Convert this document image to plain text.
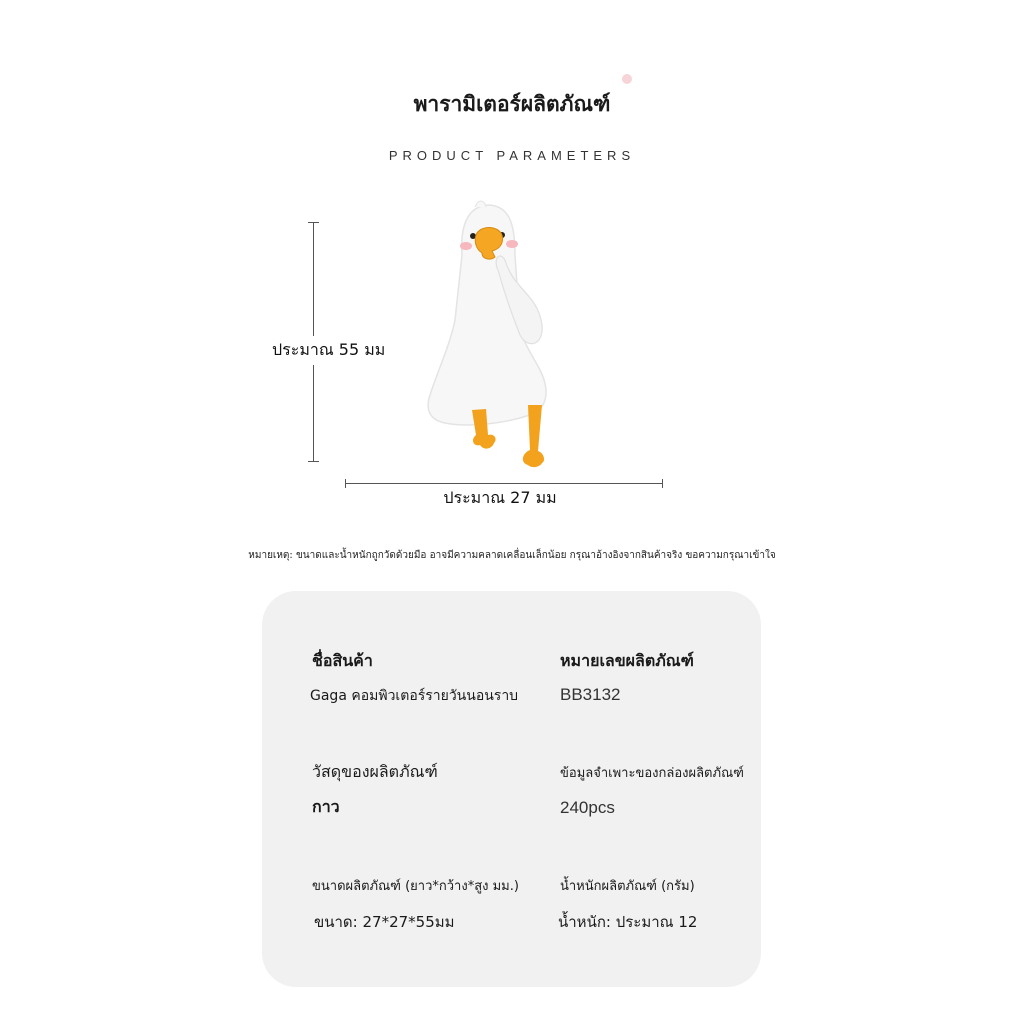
พารามิเตอร์ผลิตภัณฑ์
PRODUCT PARAMETERS
ประมาณ 55 มม
ประมาณ 27 มม
หมายเหตุ: ขนาดและน้ำหนักถูกวัดด้วยมือ อาจมีความคลาดเคลื่อนเล็กน้อย กรุณาอ้างอิงจากสินค้าจริง ขอความกรุณาเข้าใจ
ชื่อสินค้า
Gaga คอมพิวเตอร์รายวันนอนราบ
หมายเลขผลิตภัณฑ์
BB3132
วัสดุของผลิตภัณฑ์
กาว
ข้อมูลจำเพาะของกล่องผลิตภัณฑ์
240pcs
ขนาดผลิตภัณฑ์ (ยาว*กว้าง*สูง มม.)
ขนาด: 27*27*55มม
น้ำหนักผลิตภัณฑ์ (กรัม)
น้ำหนัก: ประมาณ 12
